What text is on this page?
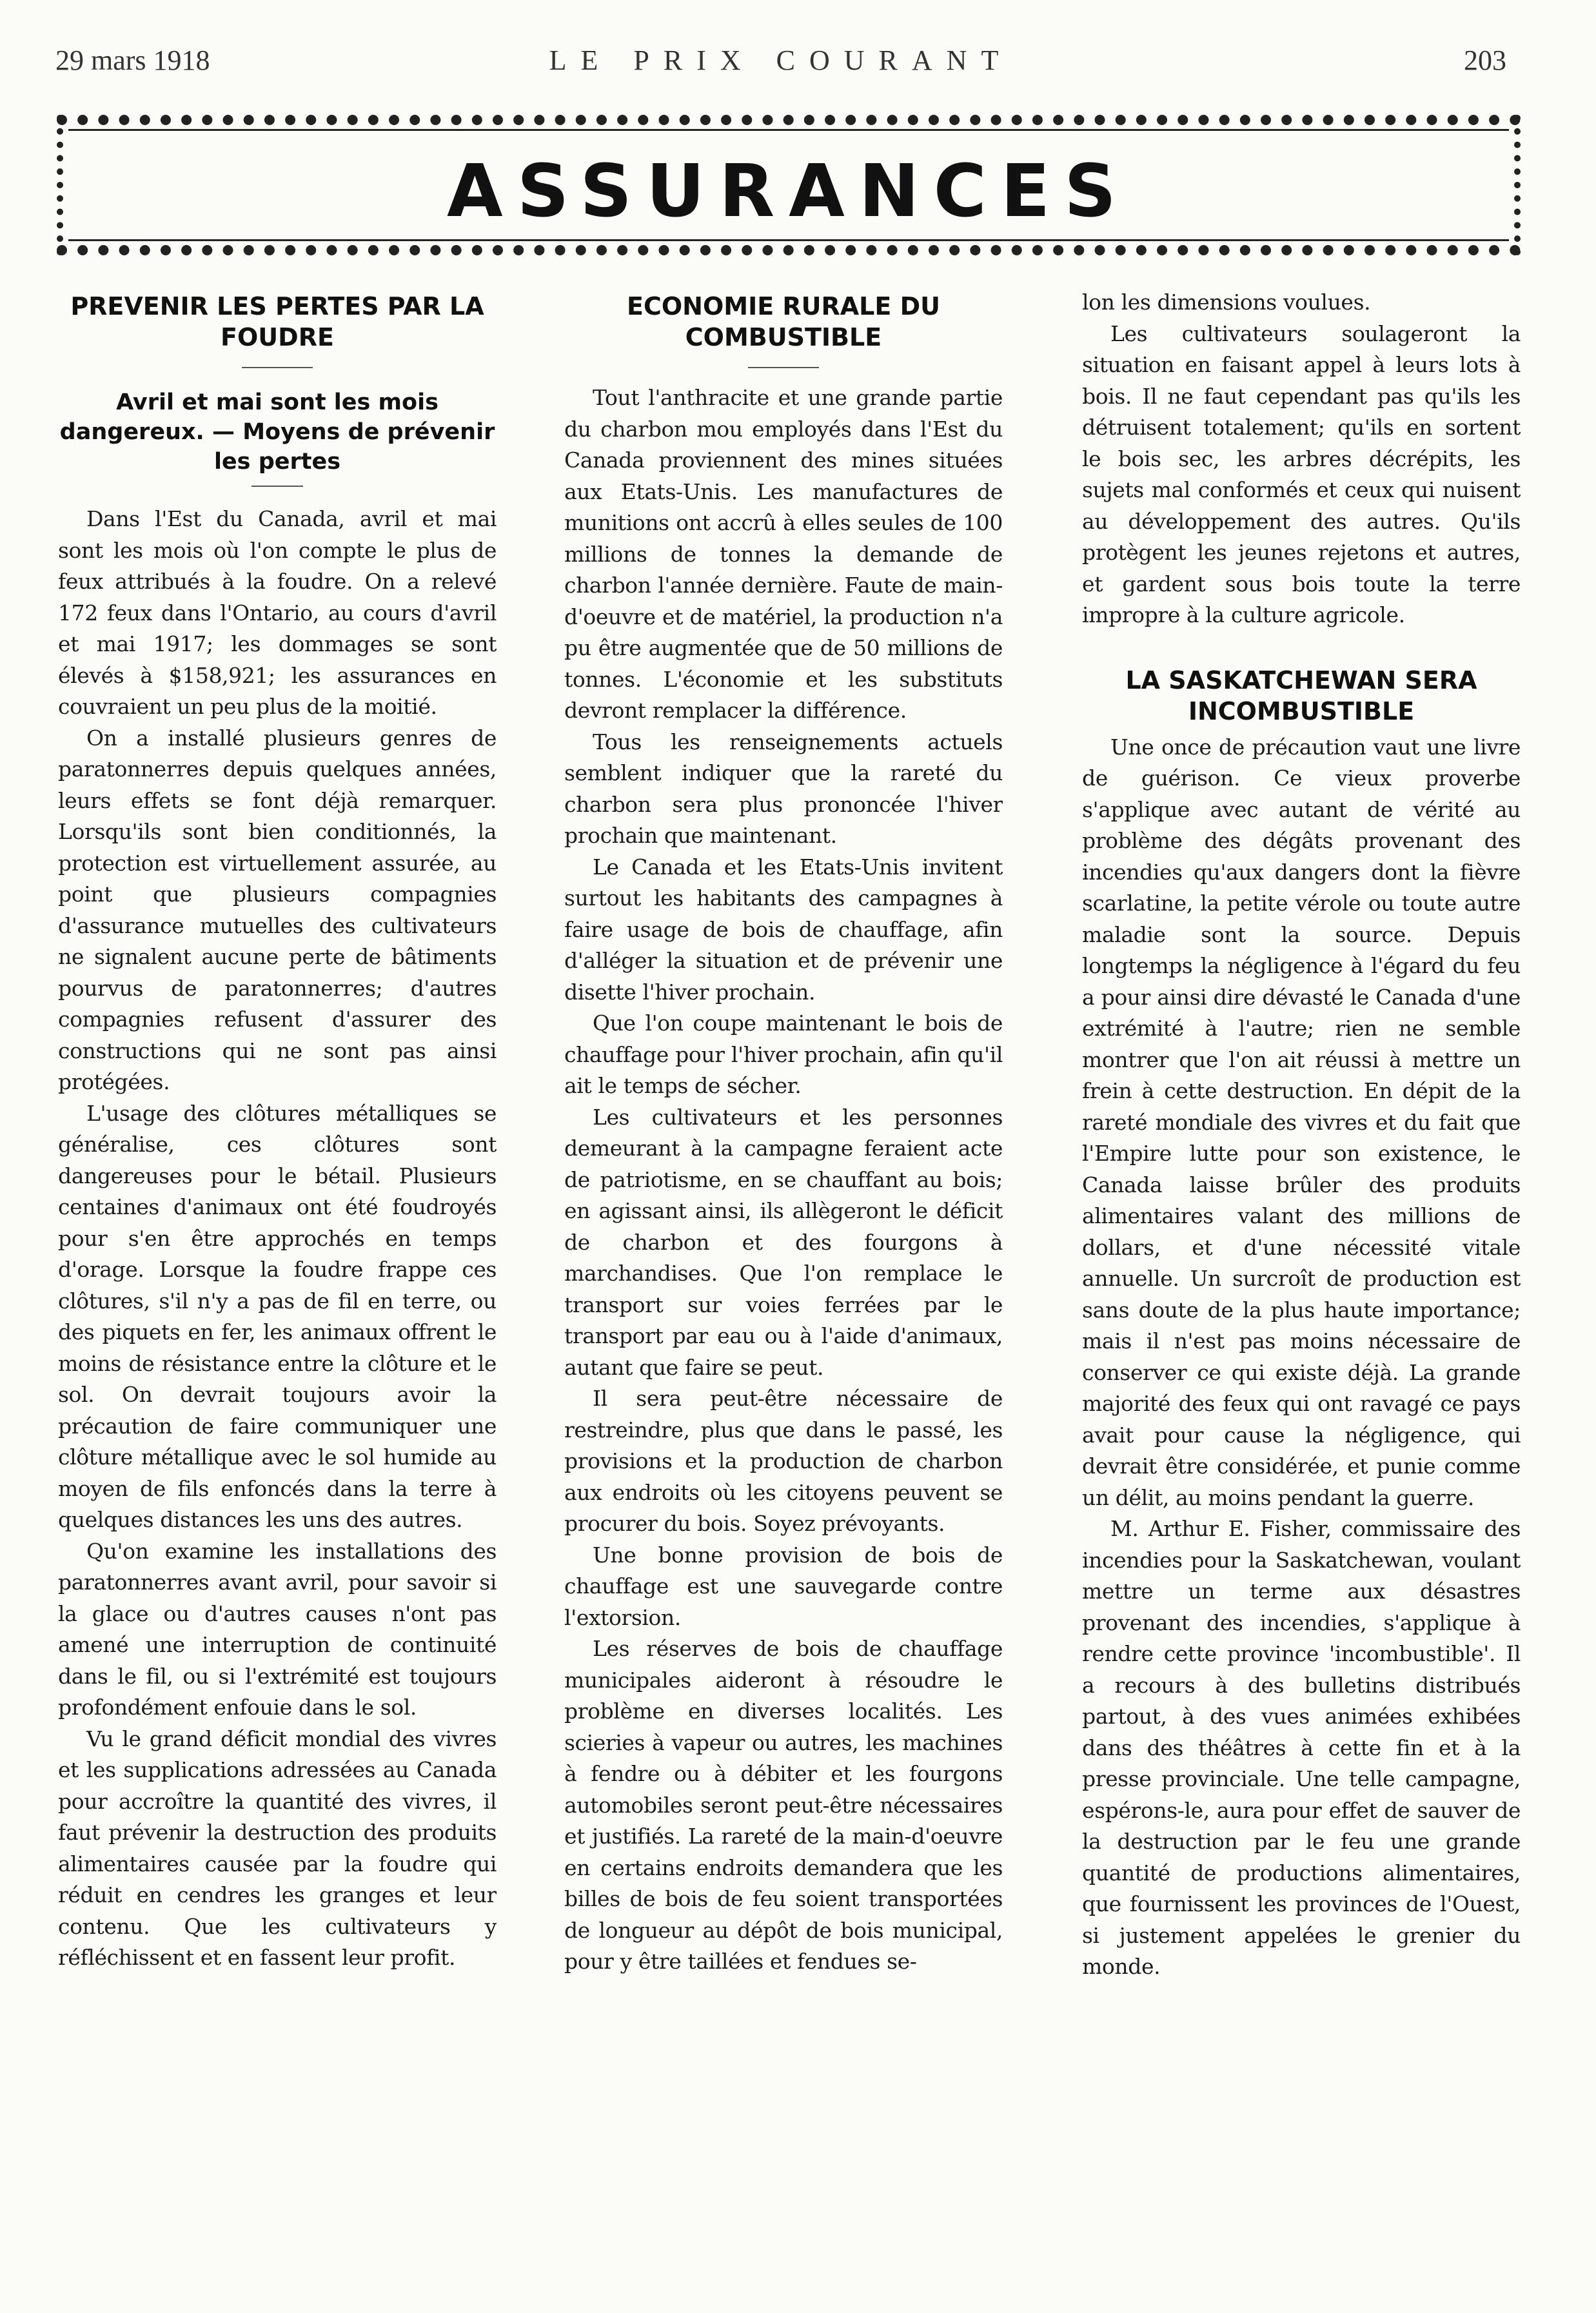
29 mars 1918	LE PRIX COURANT	203
ASSURANCES
PREVENIR LES PERTES PAR LA FOUDRE
Avril et mai sont les mois dangereux. — Moyens de prévenir les pertes

Dans l'Est du Canada, avril et mai sont les mois où l'on compte le plus de feux attribués à la foudre. On a relevé 172 feux dans l'Ontario, au cours d'avril et mai 1917; les dommages se sont élevés à $158,921; les assurances en couvraient un peu plus de la moitié.

On a installé plusieurs genres de paratonnerres depuis quelques années, leurs effets se font déjà remarquer. Lorsqu'ils sont bien conditionnés, la protection est virtuellement assurée, au point que plusieurs compagnies d'assurance mutuelles des cultivateurs ne signalent aucune perte de bâtiments pourvus de paratonnerres; d'autres compagnies refusent d'assurer des constructions qui ne sont pas ainsi protégées.

L'usage des clôtures métalliques se généralise, ces clôtures sont dangereuses pour le bétail. Plusieurs centaines d'animaux ont été foudroyés pour s'en être approchés en temps d'orage. Lorsque la foudre frappe ces clôtures, s'il n'y a pas de fil en terre, ou des piquets en fer, les animaux offrent le moins de résistance entre la clôture et le sol. On devrait toujours avoir la précaution de faire communiquer une clôture métallique avec le sol humide au moyen de fils enfoncés dans la terre à quelques distances les uns des autres.

Qu'on examine les installations des paratonnerres avant avril, pour savoir si la glace ou d'autres causes n'ont pas amené une interruption de continuité dans le fil, ou si l'extrémité est toujours profondément enfouie dans le sol.

Vu le grand déficit mondial des vivres et les supplications adressées au Canada pour accroître la quantité des vivres, il faut prévenir la destruction des produits alimentaires causée par la foudre qui réduit en cendres les granges et leur contenu. Que les cultivateurs y réfléchissent et en fassent leur profit.

ECONOMIE RURALE DU COMBUSTIBLE

Tout l'anthracite et une grande partie du charbon mou employés dans l'Est du Canada proviennent des mines situées aux Etats-Unis. Les manufactures de munitions ont accrû à elles seules de 100 millions de tonnes la demande de charbon l'année dernière. Faute de main-d'oeuvre et de matériel, la production n'a pu être augmentée que de 50 millions de tonnes. L'économie et les substituts devront remplacer la différence.

Tous les renseignements actuels semblent indiquer que la rareté du charbon sera plus prononcée l'hiver prochain que maintenant.

Le Canada et les Etats-Unis invitent surtout les habitants des campagnes à faire usage de bois de chauffage, afin d'alléger la situation et de prévenir une disette l'hiver prochain.

Que l'on coupe maintenant le bois de chauffage pour l'hiver prochain, afin qu'il ait le temps de sécher.

Les cultivateurs et les personnes demeurant à la campagne feraient acte de patriotisme, en se chauffant au bois; en agissant ainsi, ils allègeront le déficit de charbon et des fourgons à marchandises. Que l'on remplace le transport sur voies ferrées par le transport par eau ou à l'aide d'animaux, autant que faire se peut.

Il sera peut-être nécessaire de restreindre, plus que dans le passé, les provisions et la production de charbon aux endroits où les citoyens peuvent se procurer du bois. Soyez prévoyants.

Une bonne provision de bois de chauffage est une sauvegarde contre l'extorsion.

Les réserves de bois de chauffage municipales aideront à résoudre le problème en diverses localités. Les scieries à vapeur ou autres, les machines à fendre ou à débiter et les fourgons automobiles seront peut-être nécessaires et justifiés. La rareté de la main-d'oeuvre en certains endroits demandera que les billes de bois de feu soient transportées de longueur au dépôt de bois municipal, pour y être taillées et fendues se-

lon les dimensions voulues.

Les cultivateurs soulageront la situation en faisant appel à leurs lots à bois. Il ne faut cependant pas qu'ils les détruisent totalement; qu'ils en sortent le bois sec, les arbres décrépits, les sujets mal conformés et ceux qui nuisent au développement des autres. Qu'ils protègent les jeunes rejetons et autres, et gardent sous bois toute la terre impropre à la culture agricole.

LA SASKATCHEWAN SERA INCOMBUSTIBLE

Une once de précaution vaut une livre de guérison. Ce vieux proverbe s'applique avec autant de vérité au problème des dégâts provenant des incendies qu'aux dangers dont la fièvre scarlatine, la petite vérole ou toute autre maladie sont la source. Depuis longtemps la négligence à l'égard du feu a pour ainsi dire dévasté le Canada d'une extrémité à l'autre; rien ne semble montrer que l'on ait réussi à mettre un frein à cette destruction. En dépit de la rareté mondiale des vivres et du fait que l'Empire lutte pour son existence, le Canada laisse brûler des produits alimentaires valant des millions de dollars, et d'une nécessité vitale annuelle. Un surcroît de production est sans doute de la plus haute importance; mais il n'est pas moins nécessaire de conserver ce qui existe déjà. La grande majorité des feux qui ont ravagé ce pays avait pour cause la négligence, qui devrait être considérée, et punie comme un délit, au moins pendant la guerre.

M. Arthur E. Fisher, commissaire des incendies pour la Saskatchewan, voulant mettre un terme aux désastres provenant des incendies, s'applique à rendre cette province 'incombustible'. Il a recours à des bulletins distribués partout, à des vues animées exhibées dans des théâtres à cette fin et à la presse provinciale. Une telle campagne, espérons-le, aura pour effet de sauver de la destruction par le feu une grande quantité de productions alimentaires, que fournissent les provinces de l'Ouest, si justement appelées le grenier du monde.
